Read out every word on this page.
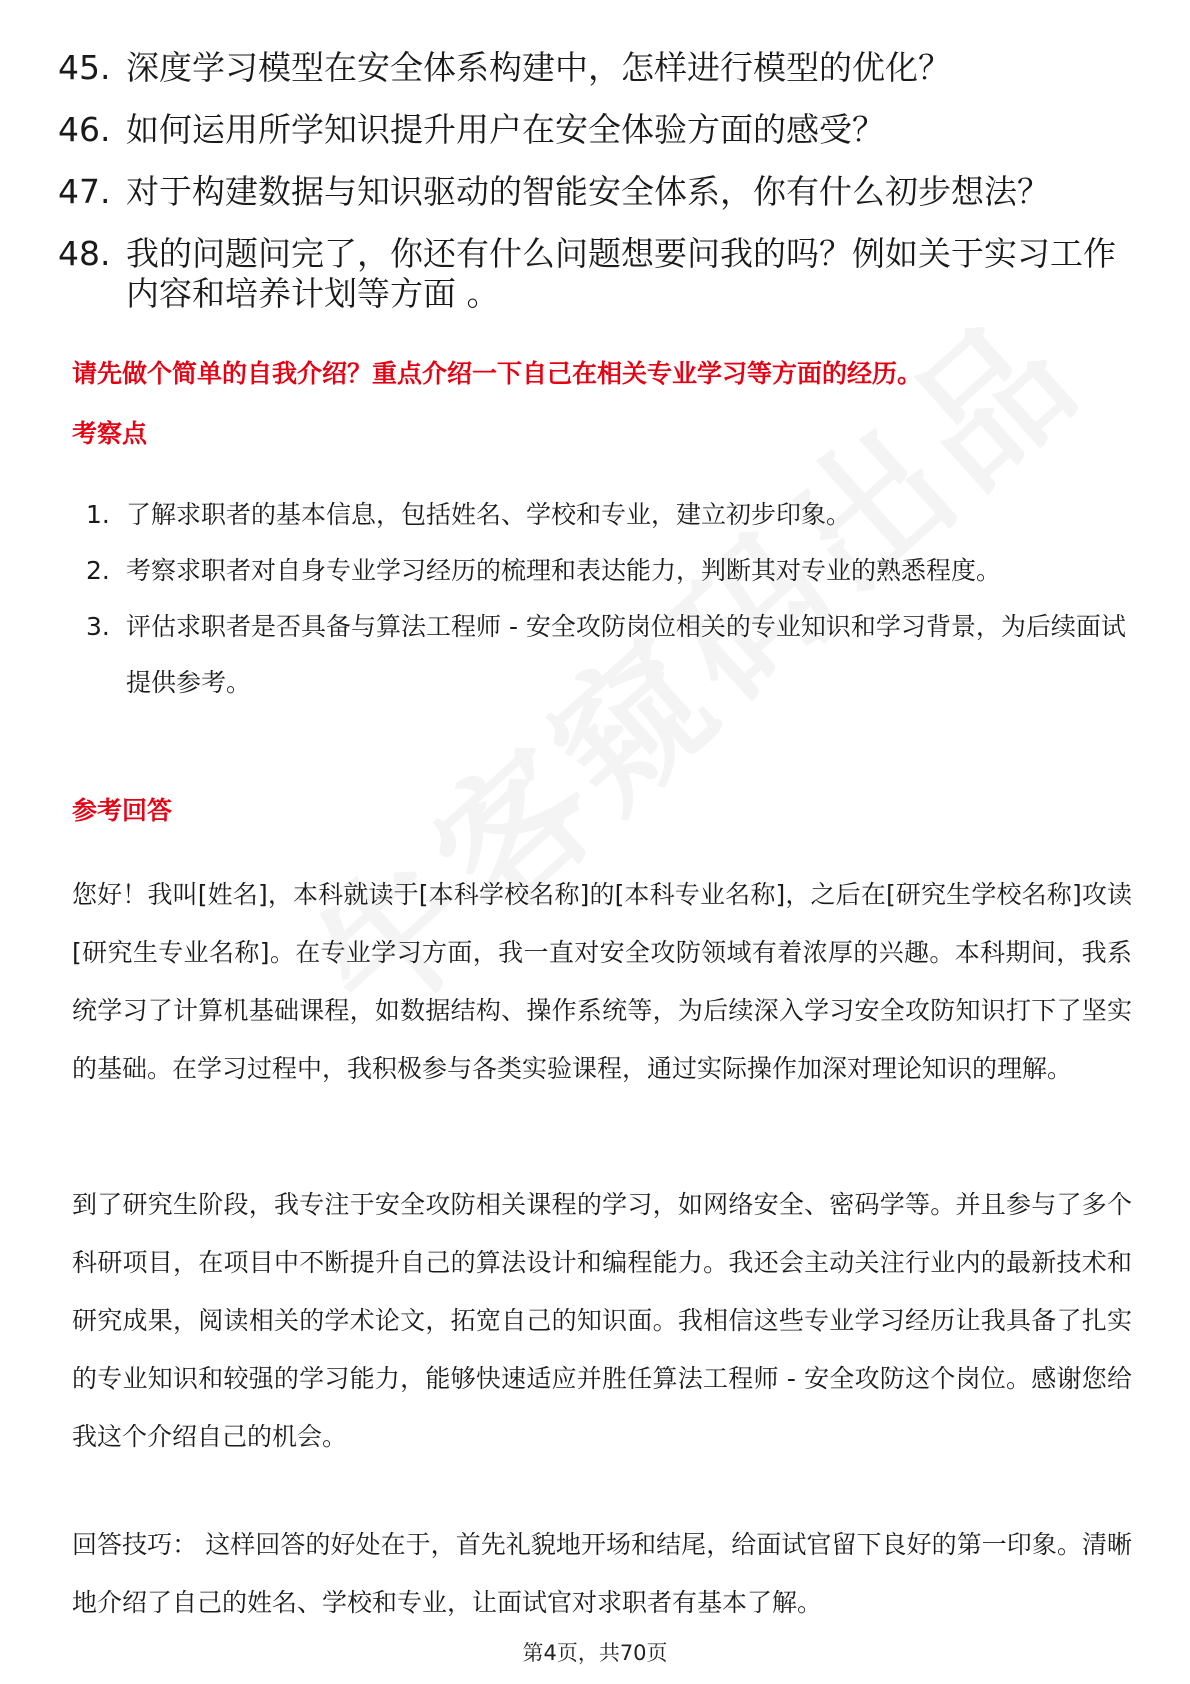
45. 深度学习模型在安全体系构建中，怎样进行模型的优化？
46. 如何运用所学知识提升用户在安全体验方面的感受？
47. 对于构建数据与知识驱动的智能安全体系，你有什么初步想法？
48. 我的问题问完了，你还有什么问题想要问我的吗？例如关于实习工作内容和培养计划等方面 。
请先做个简单的自我介绍？重点介绍一下自己在相关专业学习等方面的经历。
考察点
1. 了解求职者的基本信息，包括姓名、学校和专业，建立初步印象。
2. 考察求职者对自身专业学习经历的梳理和表达能力，判断其对专业的熟悉程度。
3. 评估求职者是否具备与算法工程师 - 安全攻防岗位相关的专业知识和学习背景，为后续面试提供参考。
参考回答
您好！我叫[姓名]，本科就读于[本科学校名称]的[本科专业名称]，之后在[研究生学校名称]攻读[研究生专业名称]。在专业学习方面，我一直对安全攻防领域有着浓厚的兴趣。本科期间，我系统学习了计算机基础课程，如数据结构、操作系统等，为后续深入学习安全攻防知识打下了坚实的基础。在学习过程中，我积极参与各类实验课程，通过实际操作加深对理论知识的理解。
到了研究生阶段，我专注于安全攻防相关课程的学习，如网络安全、密码学等。并且参与了多个科研项目，在项目中不断提升自己的算法设计和编程能力。我还会主动关注行业内的最新技术和研究成果，阅读相关的学术论文，拓宽自己的知识面。我相信这些专业学习经历让我具备了扎实的专业知识和较强的学习能力，能够快速适应并胜任算法工程师 - 安全攻防这个岗位。感谢您给我这个介绍自己的机会。
回答技巧： 这样回答的好处在于，首先礼貌地开场和结尾，给面试官留下良好的第一印象。清晰地介绍了自己的姓名、学校和专业，让面试官对求职者有基本了解。
第4页，共70页
